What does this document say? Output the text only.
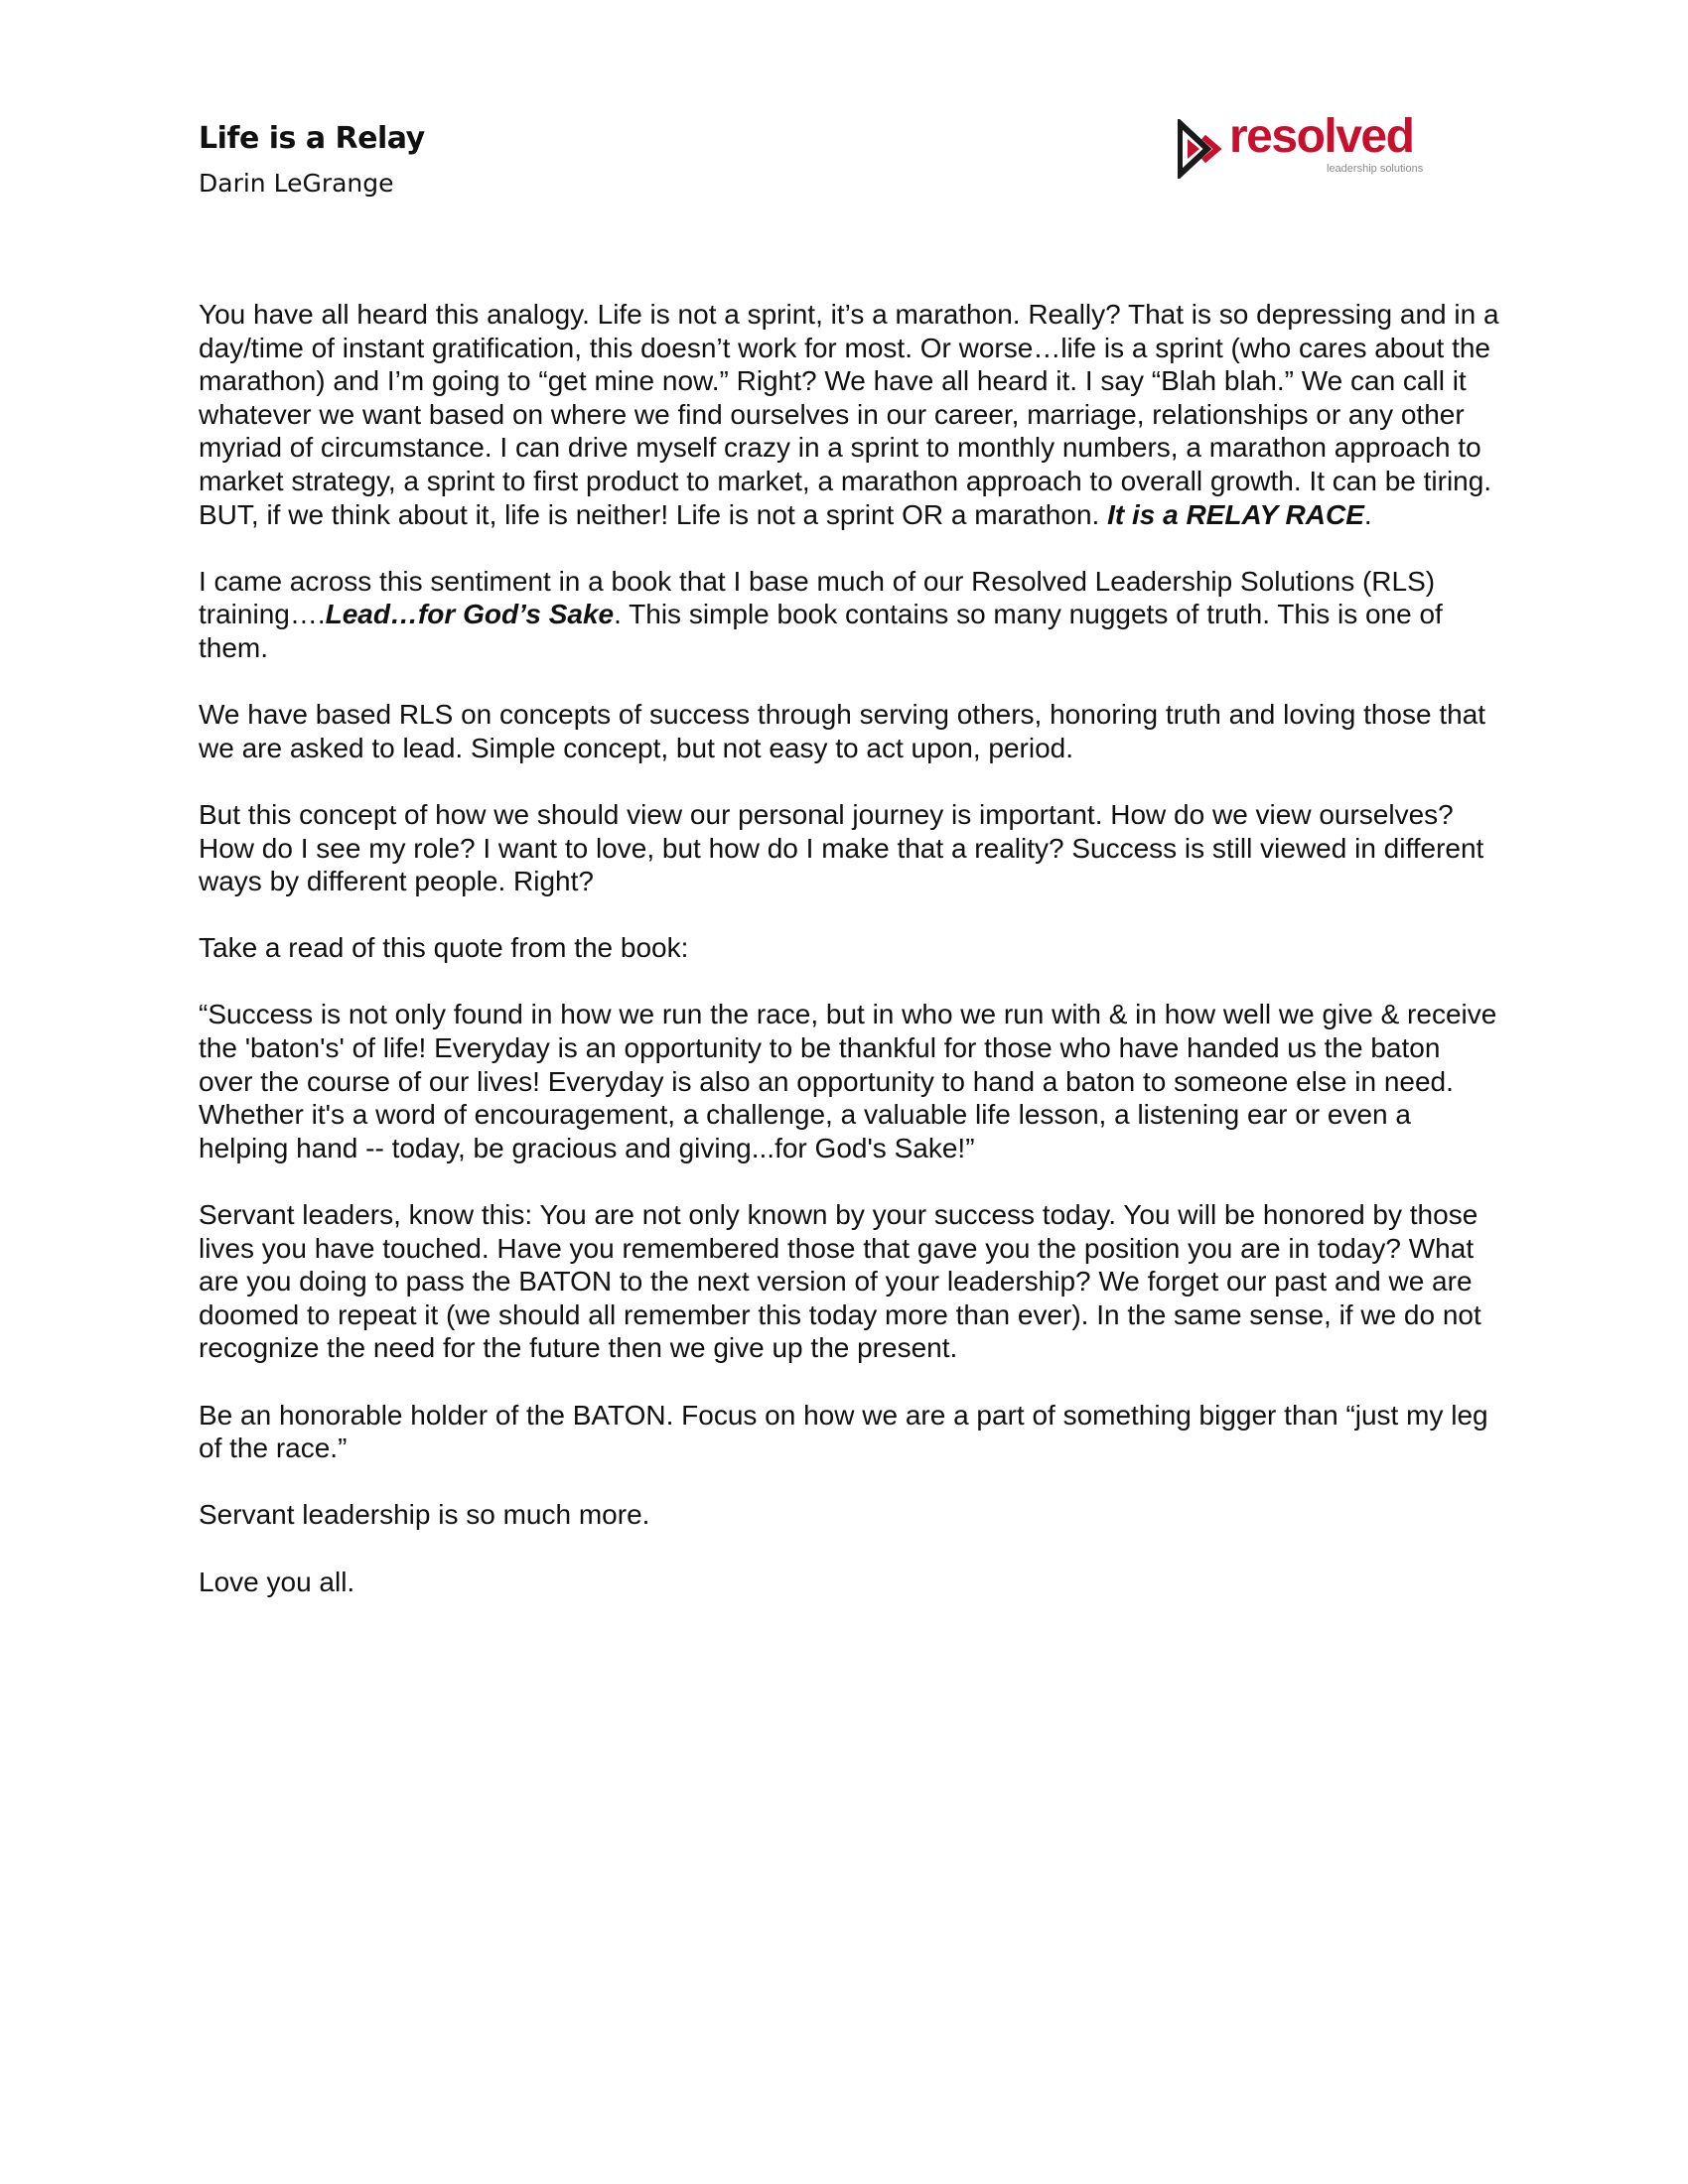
Life is a Relay
Darin LeGrange
resolved
leadership solutions

You have all heard this analogy. Life is not a sprint, it’s a marathon. Really? That is so depressing and in a day/time of instant gratification, this doesn’t work for most. Or worse…life is a sprint (who cares about the marathon) and I’m going to “get mine now.” Right? We have all heard it. I say “Blah blah.” We can call it whatever we want based on where we find ourselves in our career, marriage, relationships or any other myriad of circumstance. I can drive myself crazy in a sprint to monthly numbers, a marathon approach to market strategy, a sprint to first product to market, a marathon approach to overall growth. It can be tiring. BUT, if we think about it, life is neither! Life is not a sprint OR a marathon. It is a RELAY RACE.

I came across this sentiment in a book that I base much of our Resolved Leadership Solutions (RLS) training….Lead…for God’s Sake. This simple book contains so many nuggets of truth. This is one of them.

We have based RLS on concepts of success through serving others, honoring truth and loving those that we are asked to lead. Simple concept, but not easy to act upon, period.

But this concept of how we should view our personal journey is important. How do we view ourselves? How do I see my role? I want to love, but how do I make that a reality? Success is still viewed in different ways by different people. Right?

Take a read of this quote from the book:

“Success is not only found in how we run the race, but in who we run with & in how well we give & receive the 'baton's' of life! Everyday is an opportunity to be thankful for those who have handed us the baton over the course of our lives! Everyday is also an opportunity to hand a baton to someone else in need. Whether it's a word of encouragement, a challenge, a valuable life lesson, a listening ear or even a helping hand -- today, be gracious and giving...for God's Sake!”

Servant leaders, know this: You are not only known by your success today. You will be honored by those lives you have touched. Have you remembered those that gave you the position you are in today? What are you doing to pass the BATON to the next version of your leadership? We forget our past and we are doomed to repeat it (we should all remember this today more than ever). In the same sense, if we do not recognize the need for the future then we give up the present.

Be an honorable holder of the BATON. Focus on how we are a part of something bigger than “just my leg of the race.”

Servant leadership is so much more.

Love you all.
